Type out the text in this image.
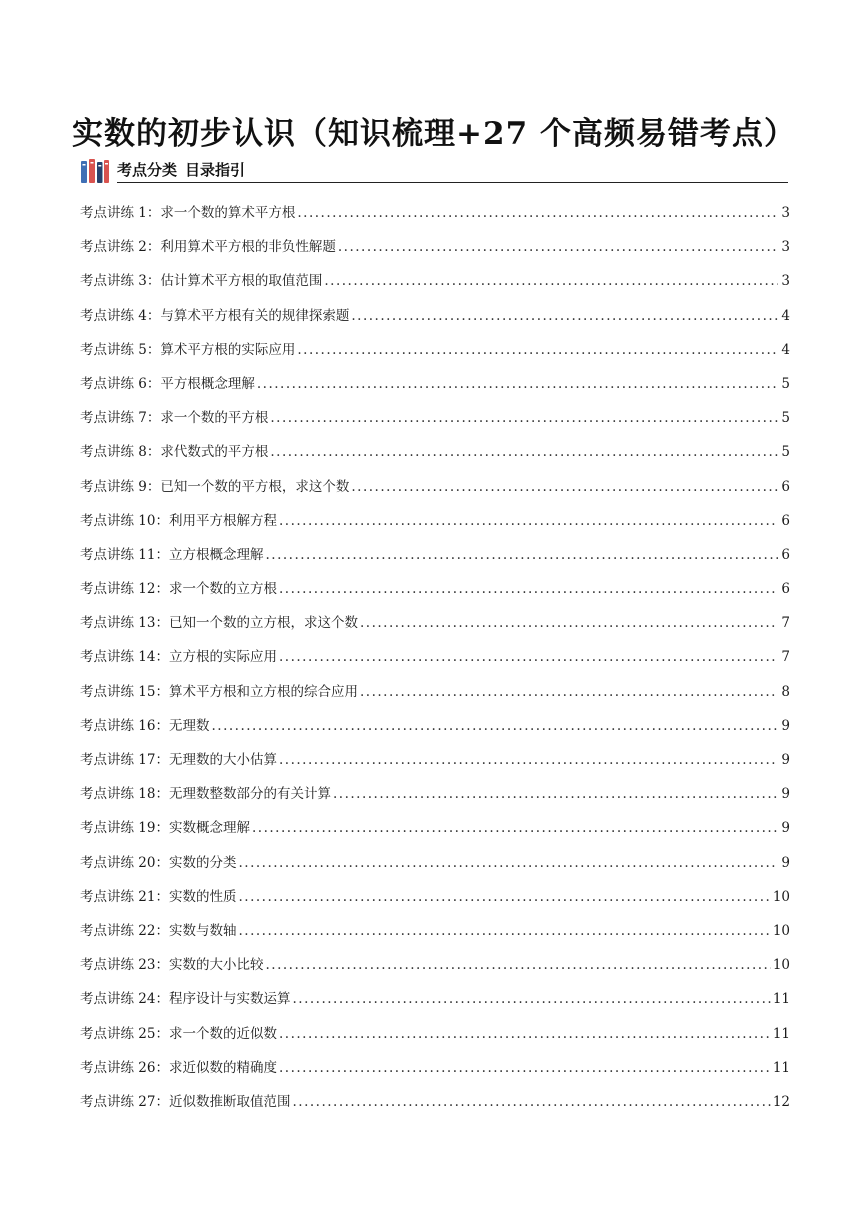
实数的初步认识（知识梳理+27 个高频易错考点）
考点分类 目录指引
考点讲练 1： 求一个数的算术平方根 .....	3
考点讲练 2： 利用算术平方根的非负性解题 .....	3
考点讲练 3： 估计算术平方根的取值范围 .....	3
考点讲练 4： 与算术平方根有关的规律探索题 .....	4
考点讲练 5： 算术平方根的实际应用 .....	4
考点讲练 6： 平方根概念理解 .....	5
考点讲练 7： 求一个数的平方根 .....	5
考点讲练 8： 求代数式的平方根 .....	5
考点讲练 9： 已知一个数的平方根，求这个数 .....	6
考点讲练 10： 利用平方根解方程 .....	6
考点讲练 11： 立方根概念理解 .....	6
考点讲练 12： 求一个数的立方根 .....	6
考点讲练 13： 已知一个数的立方根，求这个数 .....	7
考点讲练 14： 立方根的实际应用 .....	7
考点讲练 15： 算术平方根和立方根的综合应用 .....	8
考点讲练 16： 无理数 .....	9
考点讲练 17： 无理数的大小估算 .....	9
考点讲练 18： 无理数整数部分的有关计算 .....	9
考点讲练 19： 实数概念理解 .....	9
考点讲练 20： 实数的分类 .....	9
考点讲练 21： 实数的性质 .....	10
考点讲练 22： 实数与数轴 .....	10
考点讲练 23： 实数的大小比较 .....	10
考点讲练 24： 程序设计与实数运算 .....	11
考点讲练 25： 求一个数的近似数 .....	11
考点讲练 26： 求近似数的精确度 .....	11
考点讲练 27： 近似数推断取值范围 .....	12
